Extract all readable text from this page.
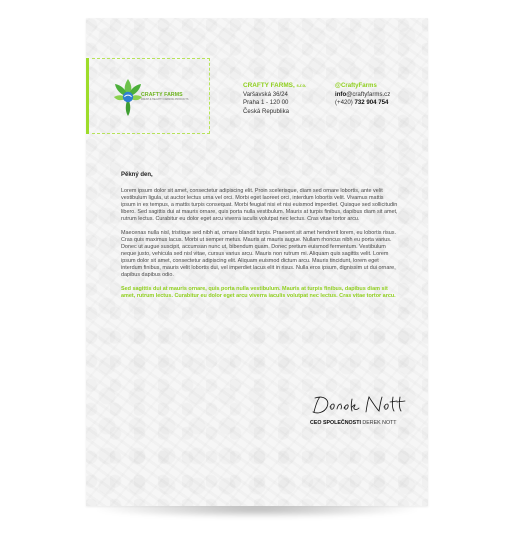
CRAFTY FARMS
FRESH & HEALTHY FARMING PRODUCTS
CRAFTY FARMS, s.r.o.
Varšavská 36/24
Praha 1 - 120 00
Česká Republika
@CraftyFarms
info@craftyfarms.cz
(+420) 732 904 754
Pěkný den,

Lorem ipsum dolor sit amet, consectetur adipiscing elit. Proin scelerisque, diam sed ornare lobortis, ante velit vestibulum ligula, ut auctor lectus urna vel orci. Morbi eget laoreet orci, interdum lobortis velit. Vivamus mattis ipsum in ex tempus, a mattis turpis consequat. Morbi feugiat nisi et nisi euismod imperdiet. Quisque sed sollicitudin libero. Sed sagittis dui at mauris ornare, quis porta nulla vestibulum. Mauris at turpis finibus, dapibus diam sit amet, rutrum lectus. Curabitur eu dolor eget arcu viverra iaculis volutpat nec lectus. Cras vitae tortor arcu.

Maecenas nulla nisl, tristique sed nibh at, ornare blandit turpis. Praesent sit amet hendrerit lorem, eu lobortis risus. Cras quis maximus lacus. Morbi ut semper metus. Mauris at mauris augue. Nullam rhoncus nibh eu porta varius. Donec ut augue suscipit, accumsan nunc ut, bibendum quam. Donec pretium euismod fermentum. Vestibulum neque justo, vehicula sed nisl vitae, cursus varius arcu. Mauris non rutrum mi. Aliquam quis sagittis velit. Lorem ipsum dolor sit amet, consectetur adipiscing elit. Aliquam euismod dictum arcu. Mauris tincidunt, lorem eget interdum finibus, mauris velit lobortis dui, vel imperdiet lacus elit in risus. Nulla eros ipsum, dignissim ut dui ornare, dapibus dapibus odio.

Sed sagittis dui at mauris ornare, quis porta nulla vestibulum. Mauris at turpis finibus, dapibus diam sit amet, rutrum lectus. Curabitur eu dolor eget arcu viverra iaculis volutpat nec lectus. Cras vitae tortor arcu.

CEO SPOLEČNOSTI DEREK NOTT
